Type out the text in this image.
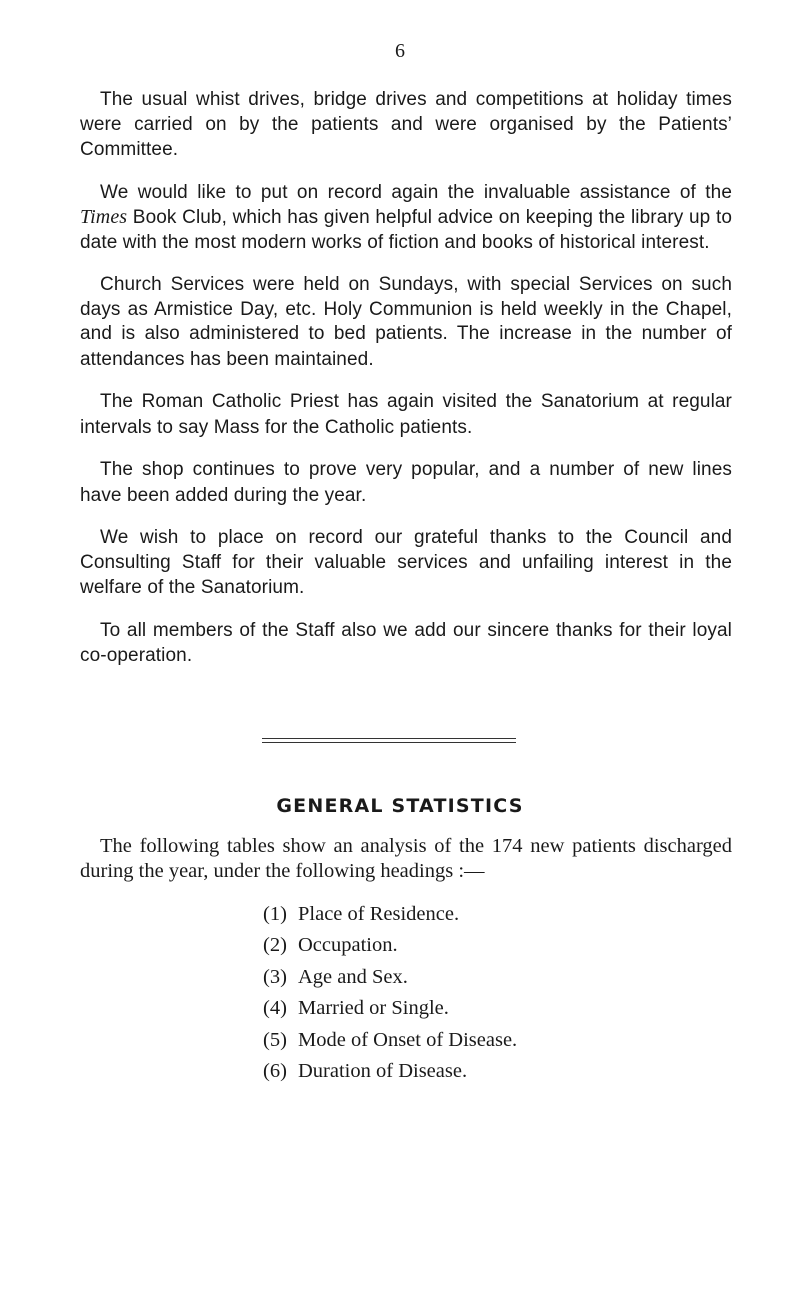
6

The usual whist drives, bridge drives and competitions at holiday times were carried on by the patients and were organised by the Patients’ Committee.

We would like to put on record again the invaluable assistance of the Times Book Club, which has given helpful advice on keeping the library up to date with the most modern works of fiction and books of historical interest.

Church Services were held on Sundays, with special Services on such days as Armistice Day, etc. Holy Communion is held weekly in the Chapel, and is also administered to bed patients. The increase in the number of attendances has been maintained.

The Roman Catholic Priest has again visited the Sanatorium at regular intervals to say Mass for the Catholic patients.

The shop continues to prove very popular, and a number of new lines have been added during the year.

We wish to place on record our grateful thanks to the Council and Consulting Staff for their valuable services and unfailing interest in the welfare of the Sanatorium.

To all members of the Staff also we add our sincere thanks for their loyal co-operation.

GENERAL STATISTICS
The following tables show an analysis of the 174 new patients discharged during the year, under the following headings :—
(1) Place of Residence.
(2) Occupation.
(3) Age and Sex.
(4) Married or Single.
(5) Mode of Onset of Disease.
(6) Duration of Disease.
